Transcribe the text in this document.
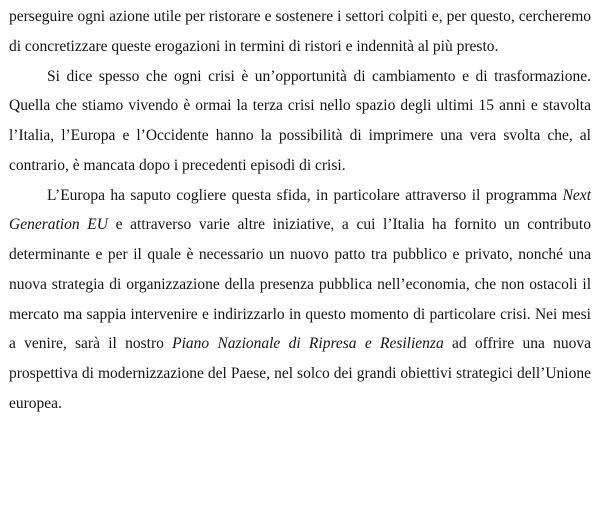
perseguire ogni azione utile per ristorare e sostenere i settori colpiti e, per questo, cercheremo di concretizzare queste erogazioni in termini di ristori e indennità al più presto.

Si dice spesso che ogni crisi è un’opportunità di cambiamento e di trasformazione. Quella che stiamo vivendo è ormai la terza crisi nello spazio degli ultimi 15 anni e stavolta l’Italia, l’Europa e l’Occidente hanno la possibilità di imprimere una vera svolta che, al contrario, è mancata dopo i precedenti episodi di crisi.

L’Europa ha saputo cogliere questa sfida, in particolare attraverso il programma Next Generation EU e attraverso varie altre iniziative, a cui l’Italia ha fornito un contributo determinante e per il quale è necessario un nuovo patto tra pubblico e privato, nonché una nuova strategia di organizzazione della presenza pubblica nell’economia, che non ostacoli il mercato ma sappia intervenire e indirizzarlo in questo momento di particolare crisi. Nei mesi a venire, sarà il nostro Piano Nazionale di Ripresa e Resilienza ad offrire una nuova prospettiva di modernizzazione del Paese, nel solco dei grandi obiettivi strategici dell’Unione europea.
